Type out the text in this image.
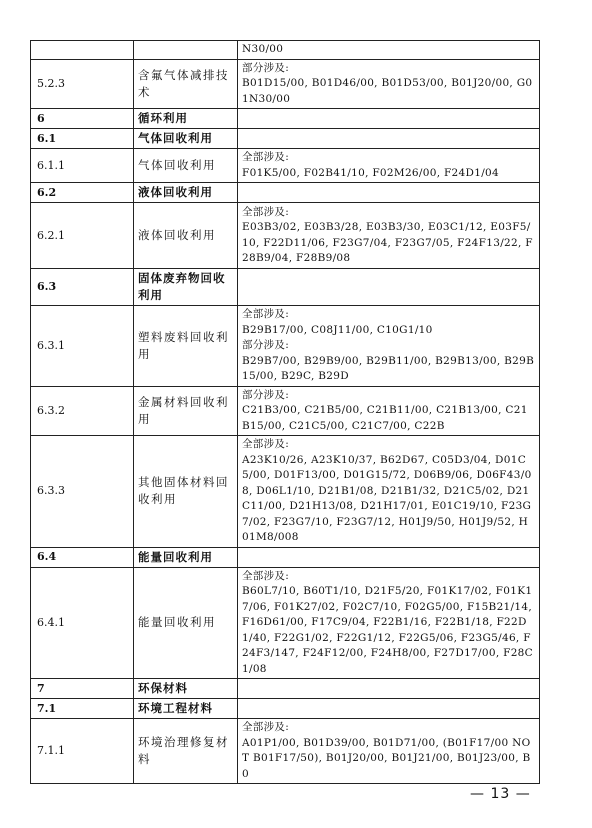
		N30/00

5.2.3	含氟气体减排技术	部分涉及:
B01D15/00, B01D46/00, B01D53/00, B01J20/00, G01N30/00

6	循环利用	
6.1	气体回收利用	
6.1.1	气体回收利用	全部涉及:
F01K5/00, F02B41/10, F02M26/00, F24D1/04

6.2	液体回收利用	
6.2.1	液体回收利用	全部涉及:
E03B3/02, E03B3/28, E03B3/30, E03C1/12, E03F5/10, F22D11/06, F23G7/04, F23G7/05, F24F13/22, F28B9/04, F28B9/08

6.3	固体废弃物回收利用	
6.3.1	塑料废料回收利用	全部涉及:
B29B17/00, C08J11/00, C10G1/10
部分涉及:
B29B7/00, B29B9/00, B29B11/00, B29B13/00, B29B15/00, B29C, B29D

6.3.2	金属材料回收利用	部分涉及:
C21B3/00, C21B5/00, C21B11/00, C21B13/00, C21B15/00, C21C5/00, C21C7/00, C22B

6.3.3	其他固体材料回收利用	全部涉及:
A23K10/26, A23K10/37, B62D67, C05D3/04, D01C5/00, D01F13/00, D01G15/72, D06B9/06, D06F43/08, D06L1/10, D21B1/08, D21B1/32, D21C5/02, D21C11/00, D21H13/08, D21H17/01, E01C19/10, F23G7/02, F23G7/10, F23G7/12, H01J9/50, H01J9/52, H01M8/008

6.4	能量回收利用	
6.4.1	能量回收利用	全部涉及:
B60L7/10, B60T1/10, D21F5/20, F01K17/02, F01K17/06, F01K27/02, F02C7/10, F02G5/00, F15B21/14, F16D61/00, F17C9/04, F22B1/16, F22B1/18, F22D1/40, F22G1/02, F22G1/12, F22G5/06, F23G5/46, F24F3/147, F24F12/00, F24H8/00, F27D17/00, F28C1/08

7	环保材料	
7.1	环境工程材料	
7.1.1	环境治理修复材料	全部涉及:
A01P1/00, B01D39/00, B01D71/00, (B01F17/00 NOT B01F17/50), B01J20/00, B01J21/00, B01J23/00, B0
— 13 —
